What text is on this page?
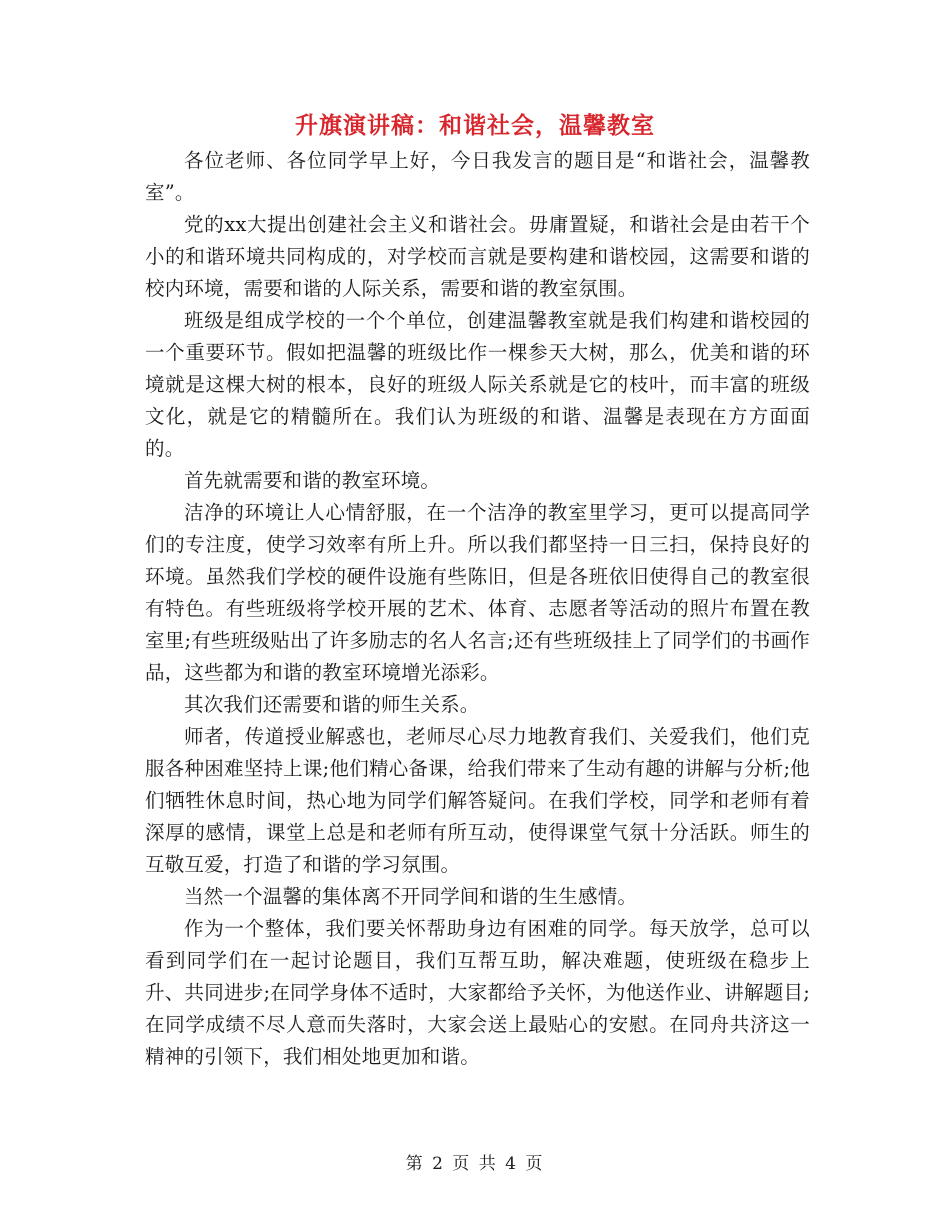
升旗演讲稿：和谐社会，温馨教室

各位老师、各位同学早上好，今日我发言的题目是“和谐社会，温馨教室”。

党的xx大提出创建社会主义和谐社会。毋庸置疑，和谐社会是由若干个小的和谐环境共同构成的，对学校而言就是要构建和谐校园，这需要和谐的校内环境，需要和谐的人际关系，需要和谐的教室氛围。

班级是组成学校的一个个单位，创建温馨教室就是我们构建和谐校园的一个重要环节。假如把温馨的班级比作一棵参天大树，那么，优美和谐的环境就是这棵大树的根本，良好的班级人际关系就是它的枝叶，而丰富的班级文化，就是它的精髓所在。我们认为班级的和谐、温馨是表现在方方面面的。

首先就需要和谐的教室环境。

洁净的环境让人心情舒服，在一个洁净的教室里学习，更可以提高同学们的专注度，使学习效率有所上升。所以我们都坚持一日三扫，保持良好的环境。虽然我们学校的硬件设施有些陈旧，但是各班依旧使得自己的教室很有特色。有些班级将学校开展的艺术、体育、志愿者等活动的照片布置在教室里;有些班级贴出了许多励志的名人名言;还有些班级挂上了同学们的书画作品，这些都为和谐的教室环境增光添彩。

其次我们还需要和谐的师生关系。

师者，传道授业解惑也，老师尽心尽力地教育我们、关爱我们，他们克服各种困难坚持上课;他们精心备课，给我们带来了生动有趣的讲解与分析;他们牺牲休息时间，热心地为同学们解答疑问。在我们学校，同学和老师有着深厚的感情，课堂上总是和老师有所互动，使得课堂气氛十分活跃。师生的互敬互爱，打造了和谐的学习氛围。

当然一个温馨的集体离不开同学间和谐的生生感情。

作为一个整体，我们要关怀帮助身边有困难的同学。每天放学，总可以看到同学们在一起讨论题目，我们互帮互助，解决难题，使班级在稳步上升、共同进步;在同学身体不适时，大家都给予关怀，为他送作业、讲解题目;在同学成绩不尽人意而失落时，大家会送上最贴心的安慰。在同舟共济这一精神的引领下，我们相处地更加和谐。

第 2 页 共 4 页
